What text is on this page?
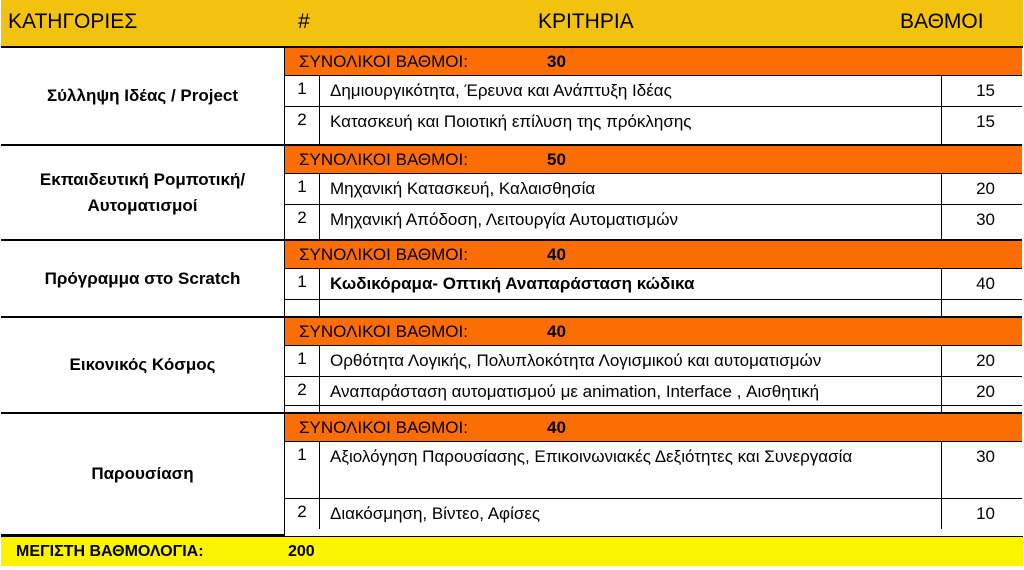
ΚΑΤΗΓΟΡΙΕΣ	#	ΚΡΙΤΗΡΙΑ	ΒΑΘΜΟΙ
Σύλληψη Ιδέας / Project
ΣΥΝΟΛΙΚΟΙ ΒΑΘΜΟΙ:	30
1	Δημιουργικότητα, Έρευνα και Ανάπτυξη Ιδέας	15
2	Κατασκευή και Ποιοτική επίλυση της πρόκλησης	15
Εκπαιδευτική Ρομποτική/ Αυτοματισμοί
ΣΥΝΟΛΙΚΟΙ ΒΑΘΜΟΙ:	50
1	Μηχανική Κατασκευή, Καλαισθησία	20
2	Μηχανική Απόδοση, Λειτουργία Αυτοματισμών	30
Πρόγραμμα στο Scratch
ΣΥΝΟΛΙΚΟΙ ΒΑΘΜΟΙ:	40
1	Κωδικόραμα- Οπτική Αναπαράσταση κώδικα	40
Εικονικός Κόσμος
ΣΥΝΟΛΙΚΟΙ ΒΑΘΜΟΙ:	40
1	Ορθότητα Λογικής, Πολυπλοκότητα Λογισμικού και αυτοματισμών	20
2	Αναπαράσταση αυτοματισμού με animation, Interface , Αισθητική	20
Παρουσίαση
ΣΥΝΟΛΙΚΟΙ ΒΑΘΜΟΙ:	40
1	Αξιολόγηση Παρουσίασης, Επικοινωνιακές Δεξιότητες και Συνεργασία	30
2	Διακόσμηση, Βίντεο, Αφίσες	10
ΜΕΓΙΣΤΗ ΒΑΘΜΟΛΟΓΙΑ:	200
